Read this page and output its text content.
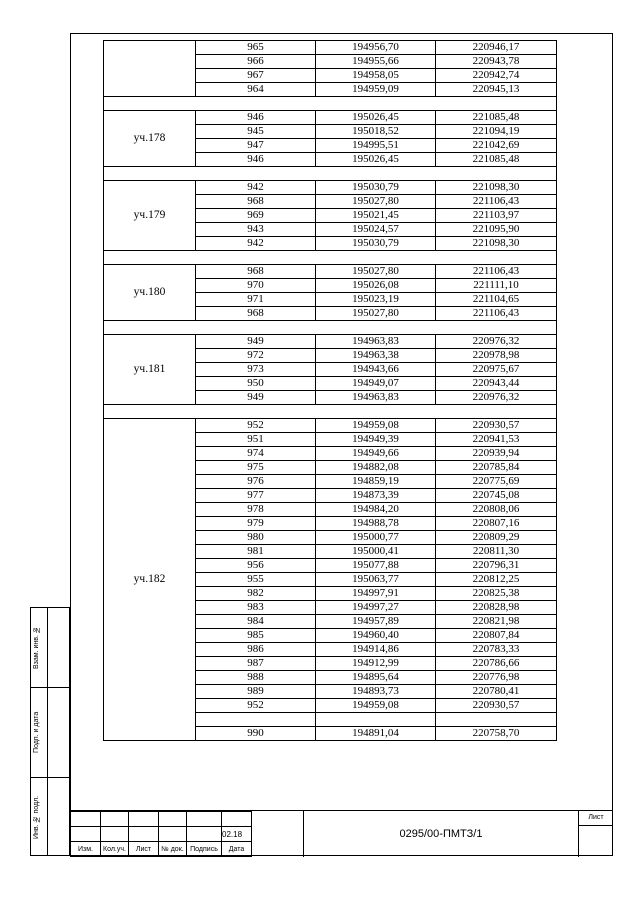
	965	194956,70	220946,17
	966	194955,66	220943,78
	967	194958,05	220942,74
	964	194959,09	220945,13

уч.178	946	195026,45	221085,48
	945	195018,52	221094,19
	947	194995,51	221042,69
	946	195026,45	221085,48

уч.179	942	195030,79	221098,30
	968	195027,80	221106,43
	969	195021,45	221103,97
	943	195024,57	221095,90
	942	195030,79	221098,30

уч.180	968	195027,80	221106,43
	970	195026,08	221111,10
	971	195023,19	221104,65
	968	195027,80	221106,43

уч.181	949	194963,83	220976,32
	972	194963,38	220978,98
	973	194943,66	220975,67
	950	194949,07	220943,44
	949	194963,83	220976,32

уч.182	952	194959,08	220930,57
	951	194949,39	220941,53
	974	194949,66	220939,94
	975	194882,08	220785,84
	976	194859,19	220775,69
	977	194873,39	220745,08
	978	194984,20	220808,06
	979	194988,78	220807,16
	980	195000,77	220809,29
	981	195000,41	220811,30
	956	195077,88	220796,31
	955	195063,77	220812,25
	982	194997,91	220825,38
	983	194997,27	220828,98
	984	194957,89	220821,98
	985	194960,40	220807,84
	986	194914,86	220783,33
	987	194912,99	220786,66
	988	194895,64	220776,98
	989	194893,73	220780,41
	952	194959,08	220930,57

	990	194891,04	220758,70
Взам. инв. №
Подп. и дата
Инв. № подл.

						02.18
Изм.	Кол.уч.	Лист	№ док.	Подпись	Дата
0295/00-ПМТЗ/1
Лист
